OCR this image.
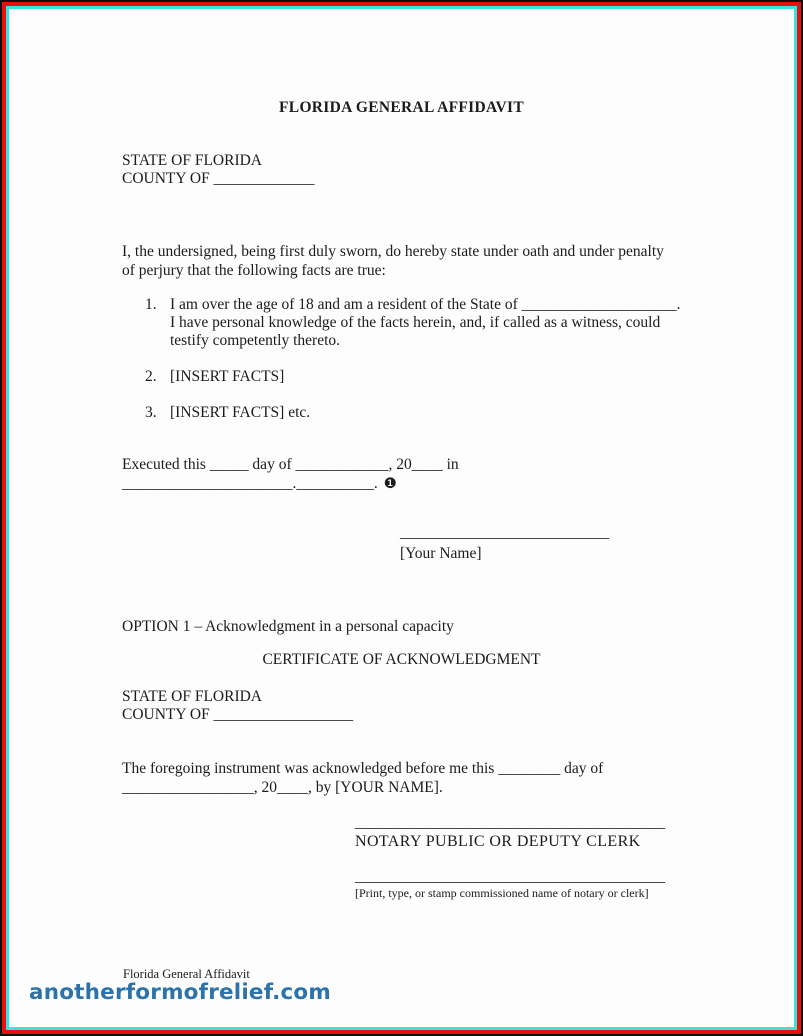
FLORIDA GENERAL AFFIDAVIT
STATE OF FLORIDA
COUNTY OF _____________
I, the undersigned, being first duly sworn, do hereby state under oath and under penalty
of perjury that the following facts are true:
1. I am over the age of 18 and am a resident of the State of ____________________.
I have personal knowledge of the facts herein, and, if called as a witness, could
testify competently thereto.
2. [INSERT FACTS]
3. [INSERT FACTS] etc.
Executed this _____ day of ____________, 20____ in
______________________.__________. ❶
___________________________
[Your Name]
OPTION 1 – Acknowledgment in a personal capacity
CERTIFICATE OF ACKNOWLEDGMENT
STATE OF FLORIDA
COUNTY OF __________________
The foregoing instrument was acknowledged before me this ________ day of
_________________, 20____, by [YOUR NAME].
________________________________________
NOTARY PUBLIC OR DEPUTY CLERK
________________________________________
[Print, type, or stamp commissioned name of notary or clerk]
Florida General Affidavit
anotherformofrelief.com
